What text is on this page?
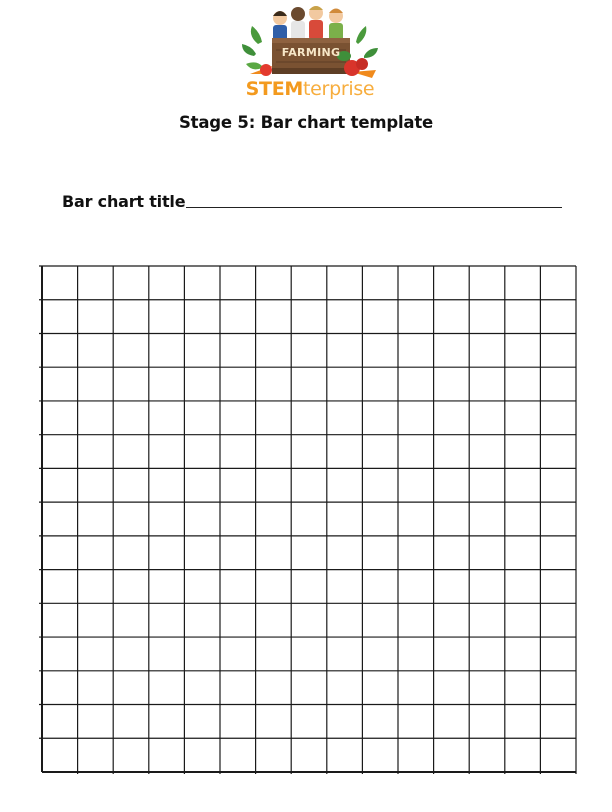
FARMING
STEMterprise
Stage 5: Bar chart template
Bar chart title
